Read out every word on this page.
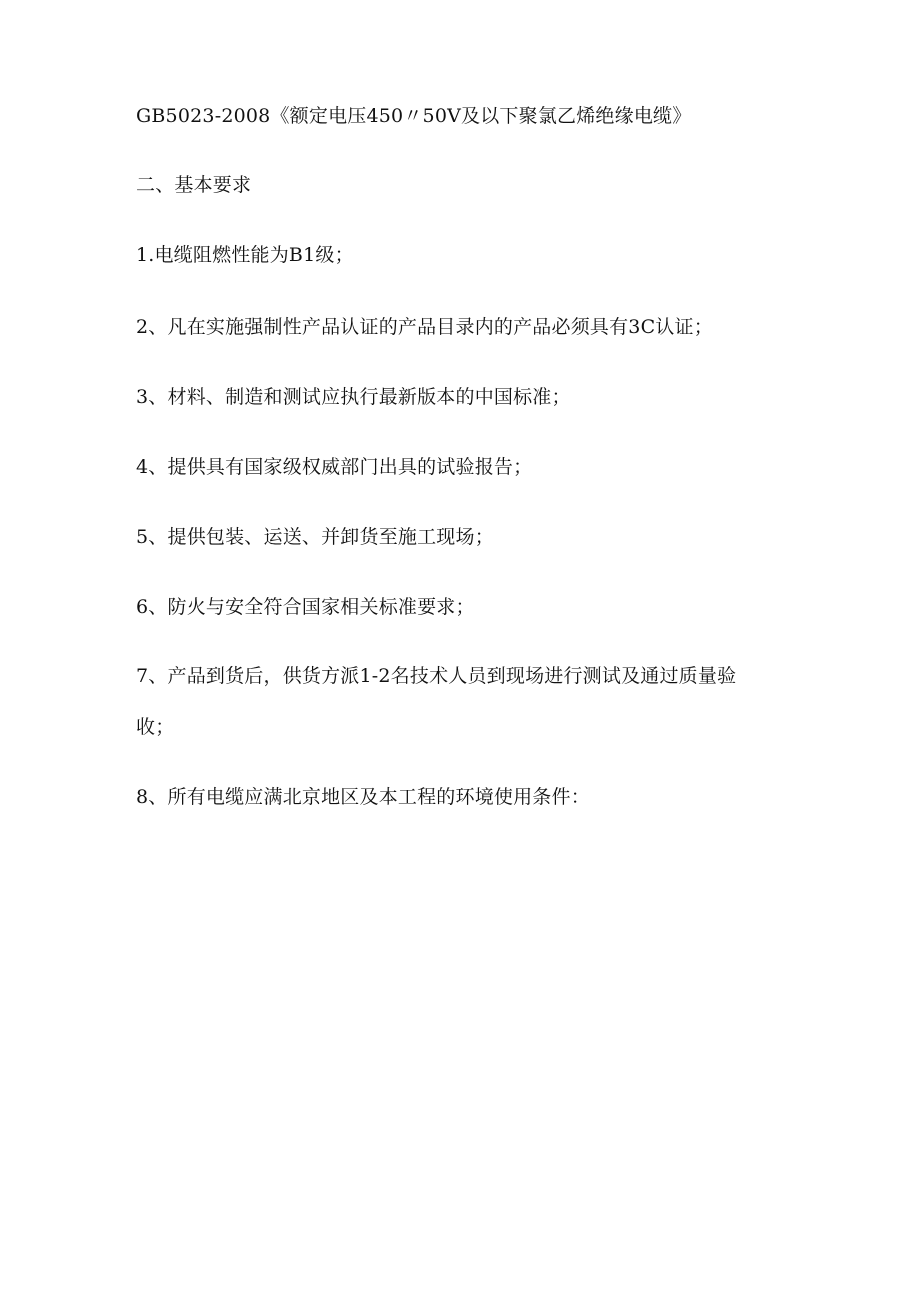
GB5023-2008《额定电压450〃50V及以下聚氯乙烯绝缘电缆》

二、基本要求

1.电缆阻燃性能为B1级；

2、凡在实施强制性产品认证的产品目录内的产品必须具有3C认证；

3、材料、制造和测试应执行最新版本的中国标准；

4、提供具有国家级权威部门出具的试验报告；

5、提供包装、运送、并卸货至施工现场；

6、防火与安全符合国家相关标准要求；

7、产品到货后，供货方派1-2名技术人员到现场进行测试及通过质量验

收；

8、所有电缆应满北京地区及本工程的环境使用条件：
